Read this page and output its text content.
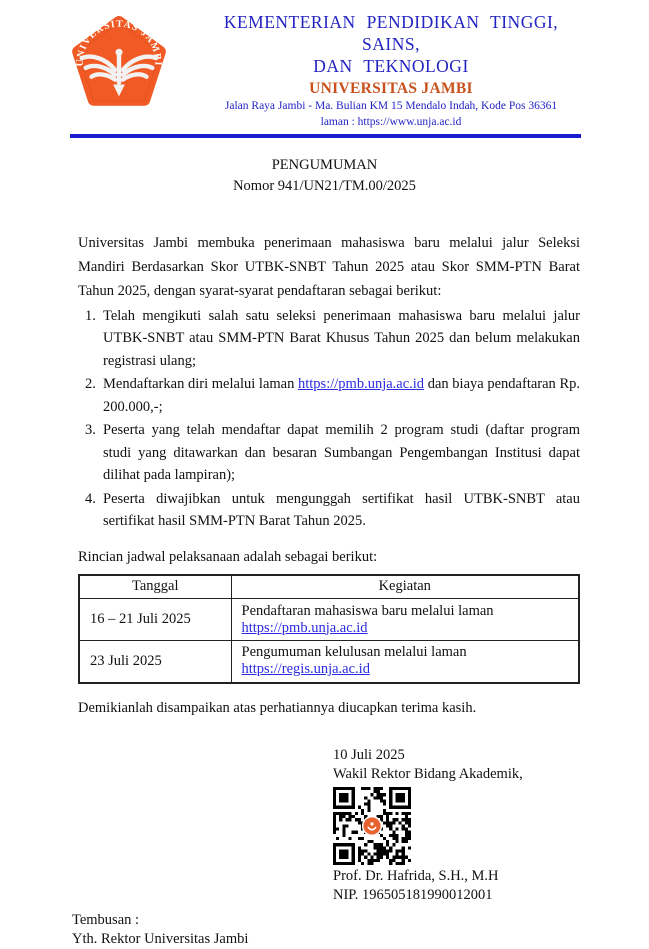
UNIVERSITAS JAMBI
KEMENTERIAN PENDIDIKAN TINGGI, SAINS,
DAN TEKNOLOGI
UNIVERSITAS JAMBI
Jalan Raya Jambi - Ma. Bulian KM 15 Mendalo Indah, Kode Pos 36361
laman : https://www.unja.ac.id
PENGUMUMAN
Nomor 941/UN21/TM.00/2025
Universitas Jambi membuka penerimaan mahasiswa baru melalui jalur Seleksi Mandiri Berdasarkan Skor UTBK-SNBT Tahun 2025 atau Skor SMM-PTN Barat Tahun 2025, dengan syarat-syarat pendaftaran sebagai berikut:
1. Telah mengikuti salah satu seleksi penerimaan mahasiswa baru melalui jalur UTBK-SNBT atau SMM-PTN Barat Khusus Tahun 2025 dan belum melakukan registrasi ulang;
2. Mendaftarkan diri melalui laman https://pmb.unja.ac.id dan biaya pendaftaran Rp. 200.000,-;
3. Peserta yang telah mendaftar dapat memilih 2 program studi (daftar program studi yang ditawarkan dan besaran Sumbangan Pengembangan Institusi dapat dilihat pada lampiran);
4. Peserta diwajibkan untuk mengunggah sertifikat hasil UTBK-SNBT atau sertifikat hasil SMM-PTN Barat Tahun 2025.
Rincian jadwal pelaksanaan adalah sebagai berikut:
Tanggal	Kegiatan
16 – 21 Juli 2025	Pendaftaran mahasiswa baru melalui laman https://pmb.unja.ac.id
23 Juli 2025	Pengumuman kelulusan melalui laman https://regis.unja.ac.id
Demikianlah disampaikan atas perhatiannya diucapkan terima kasih.
10 Juli 2025
Wakil Rektor Bidang Akademik,
Prof. Dr. Hafrida, S.H., M.H
NIP. 196505181990012001
Tembusan :
Yth. Rektor Universitas Jambi
